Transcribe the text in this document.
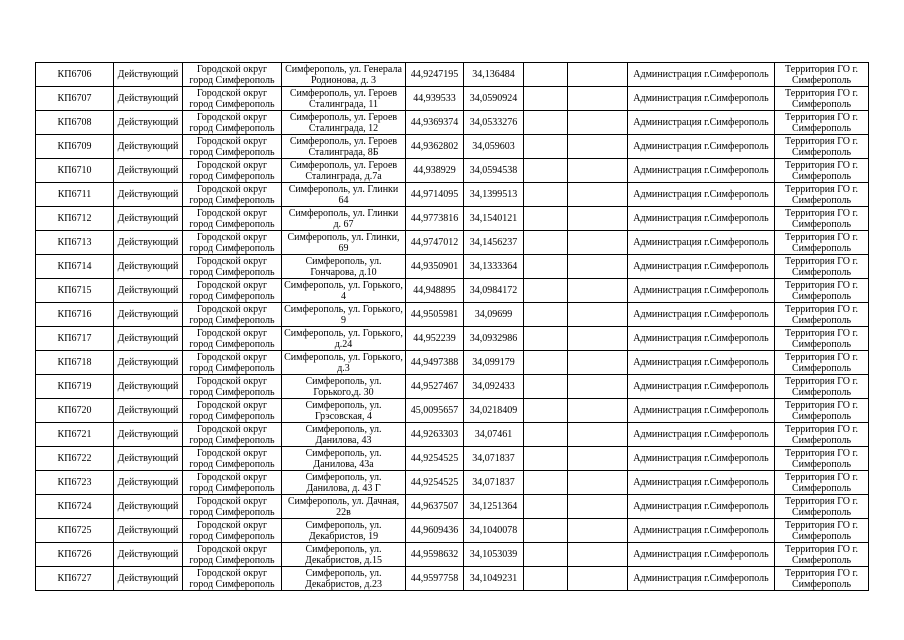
КП6706	Действующий	Городской округ город Симферополь	Симферополь, ул. Генерала Родионова, д. 3	44,9247195	34,136484			Администрация г.Симферополь	Территория ГО г. Симферополь
КП6707	Действующий	Городской округ город Симферополь	Симферополь, ул. Героев Сталинграда, 11	44,939533	34,0590924			Администрация г.Симферополь	Территория ГО г. Симферополь
КП6708	Действующий	Городской округ город Симферополь	Симферополь, ул. Героев Сталинграда, 12	44,9369374	34,0533276			Администрация г.Симферополь	Территория ГО г. Симферополь
КП6709	Действующий	Городской округ город Симферополь	Симферополь, ул. Героев Сталинграда, 8Б	44,9362802	34,059603			Администрация г.Симферополь	Территория ГО г. Симферополь
КП6710	Действующий	Городской округ город Симферополь	Симферополь, ул. Героев Сталинграда, д.7а	44,938929	34,0594538			Администрация г.Симферополь	Территория ГО г. Симферополь
КП6711	Действующий	Городской округ город Симферополь	Симферополь, ул. Глинки 64	44,9714095	34,1399513			Администрация г.Симферополь	Территория ГО г. Симферополь
КП6712	Действующий	Городской округ город Симферополь	Симферополь, ул. Глинки д. 67	44,9773816	34,1540121			Администрация г.Симферополь	Территория ГО г. Симферополь
КП6713	Действующий	Городской округ город Симферополь	Симферополь, ул. Глинки, 69	44,9747012	34,1456237			Администрация г.Симферополь	Территория ГО г. Симферополь
КП6714	Действующий	Городской округ город Симферополь	Симферополь, ул. Гончарова, д.10	44,9350901	34,1333364			Администрация г.Симферополь	Территория ГО г. Симферополь
КП6715	Действующий	Городской округ город Симферополь	Симферополь, ул. Горького, 4	44,948895	34,0984172			Администрация г.Симферополь	Территория ГО г. Симферополь
КП6716	Действующий	Городской округ город Симферополь	Симферополь, ул. Горького, 9	44,9505981	34,09699			Администрация г.Симферополь	Территория ГО г. Симферополь
КП6717	Действующий	Городской округ город Симферополь	Симферополь, ул. Горького, д.24	44,952239	34,0932986			Администрация г.Симферополь	Территория ГО г. Симферополь
КП6718	Действующий	Городской округ город Симферополь	Симферополь, ул. Горького, д.3	44,9497388	34,099179			Администрация г.Симферополь	Территория ГО г. Симферополь
КП6719	Действующий	Городской округ город Симферополь	Симферополь, ул. Горького,д. 30	44,9527467	34,092433			Администрация г.Симферополь	Территория ГО г. Симферополь
КП6720	Действующий	Городской округ город Симферополь	Симферополь, ул. Грэсовская, 4	45,0095657	34,0218409			Администрация г.Симферополь	Территория ГО г. Симферополь
КП6721	Действующий	Городской округ город Симферополь	Симферополь, ул. Данилова, 43	44,9263303	34,07461			Администрация г.Симферополь	Территория ГО г. Симферополь
КП6722	Действующий	Городской округ город Симферополь	Симферополь, ул. Данилова, 43а	44,9254525	34,071837			Администрация г.Симферополь	Территория ГО г. Симферополь
КП6723	Действующий	Городской округ город Симферополь	Симферополь, ул. Данилова, д. 43 Г	44,9254525	34,071837			Администрация г.Симферополь	Территория ГО г. Симферополь
КП6724	Действующий	Городской округ город Симферополь	Симферополь, ул. Дачная, 22в	44,9637507	34,1251364			Администрация г.Симферополь	Территория ГО г. Симферополь
КП6725	Действующий	Городской округ город Симферополь	Симферополь, ул. Декабристов, 19	44,9609436	34,1040078			Администрация г.Симферополь	Территория ГО г. Симферополь
КП6726	Действующий	Городской округ город Симферополь	Симферополь, ул. Декабристов, д.15	44,9598632	34,1053039			Администрация г.Симферополь	Территория ГО г. Симферополь
КП6727	Действующий	Городской округ город Симферополь	Симферополь, ул. Декабристов, д.23	44,9597758	34,1049231			Администрация г.Симферополь	Территория ГО г. Симферополь
